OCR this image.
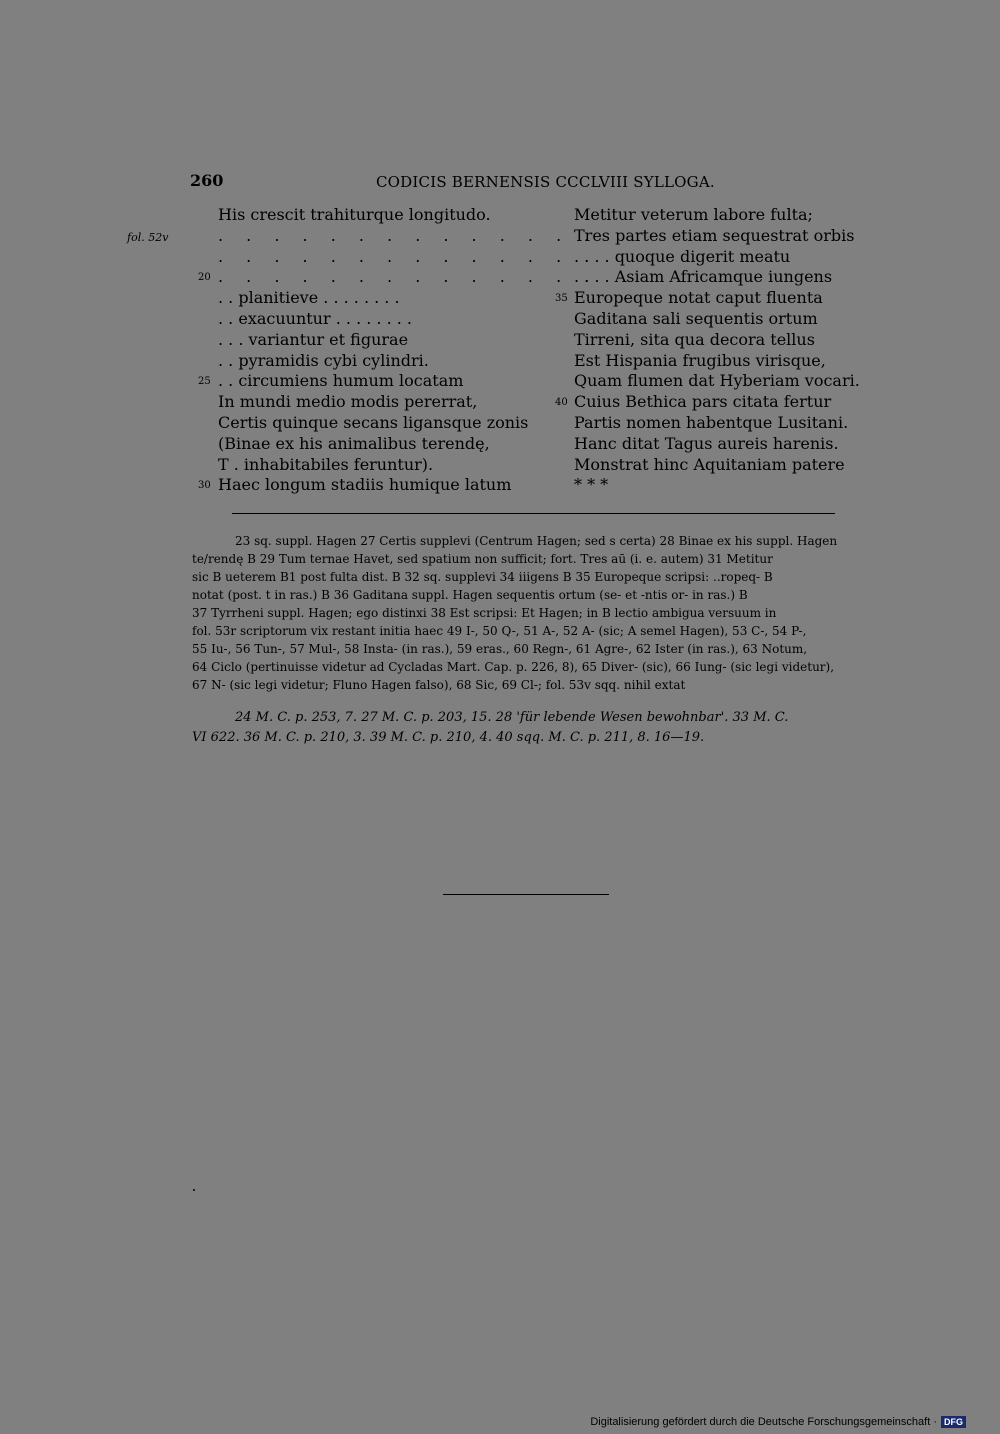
260	CODICIS BERNENSIS CCCLVIII SYLLOGA.
fol. 52v
His crescit trahiturque longitudo.
. . . . . . . . . . . . . .
. . . . . . . . . . . . . .
. . . . . . . . . . . . . .
20
. . planitieve . . . . . . . .
. . exacuuntur . . . . . . . .
. . . variantur et figurae
. . pyramidis cybi cylindri.
. . circumiens humum locatam
25
In mundi medio modis pererrat,
Certis quinque secans ligansque zonis
(Binae ex his animalibus terendę,
T . inhabitabiles feruntur).
Haec longum stadiis humique latum
30
Metitur veterum labore fulta;
Tres partes etiam sequestrat orbis
. . . . quoque digerit meatu
. . . . Asiam Africamque iungens
Europeque notat caput fluenta
35
Gaditana sali sequentis ortum
Tirreni, sita qua decora tellus
Est Hispania frugibus virisque,
Quam flumen dat Hyberiam vocari.
Cuius Bethica pars citata fertur
40
Partis nomen habentque Lusitani.
Hanc ditat Tagus aureis harenis.
Monstrat hinc Aquitaniam patere
* * *

23 sq. suppl. Hagen 27 Certis supplevi (Centrum Hagen; sed s certa) 28 Binae ex his suppl. Hagen

te/rendę B 29 Tum ternae Havet, sed spatium non sufficit; fort. Tres aū (i. e. autem) 31 Metitur

sic B ueterem B1 post fulta dist. B 32 sq. supplevi 34 iiigens B 35 Europeque scripsi: ..ropeq- B

notat (post. t in ras.) B 36 Gaditana suppl. Hagen sequentis ortum (se- et -ntis or- in ras.) B

37 Tyrrheni suppl. Hagen; ego distinxi 38 Est scripsi: Et Hagen; in B lectio ambigua versuum in

fol. 53r scriptorum vix restant initia haec 49 I-, 50 Q-, 51 A-, 52 A- (sic; A semel Hagen), 53 C-, 54 P-,

55 Iu-, 56 Tun-, 57 Mul-, 58 Insta- (in ras.), 59 eras., 60 Regn-, 61 Agre-, 62 Ister (in ras.), 63 Notum,

64 Ciclo (pertinuisse videtur ad Cycladas Mart. Cap. p. 226, 8), 65 Diver- (sic), 66 Iung- (sic legi videtur),

67 N- (sic legi videtur; Fluno Hagen falso), 68 Sic, 69 Cl-; fol. 53v sqq. nihil extat

24 M. C. p. 253, 7. 27 M. C. p. 203, 15. 28 'für lebende Wesen bewohnbar'. 33 M. C.

VI 622. 36 M. C. p. 210, 3. 39 M. C. p. 210, 4. 40 sqq. M. C. p. 211, 8. 16—19.

Digitalisierung gefördert durch die Deutsche Forschungsgemeinschaft · DFG
